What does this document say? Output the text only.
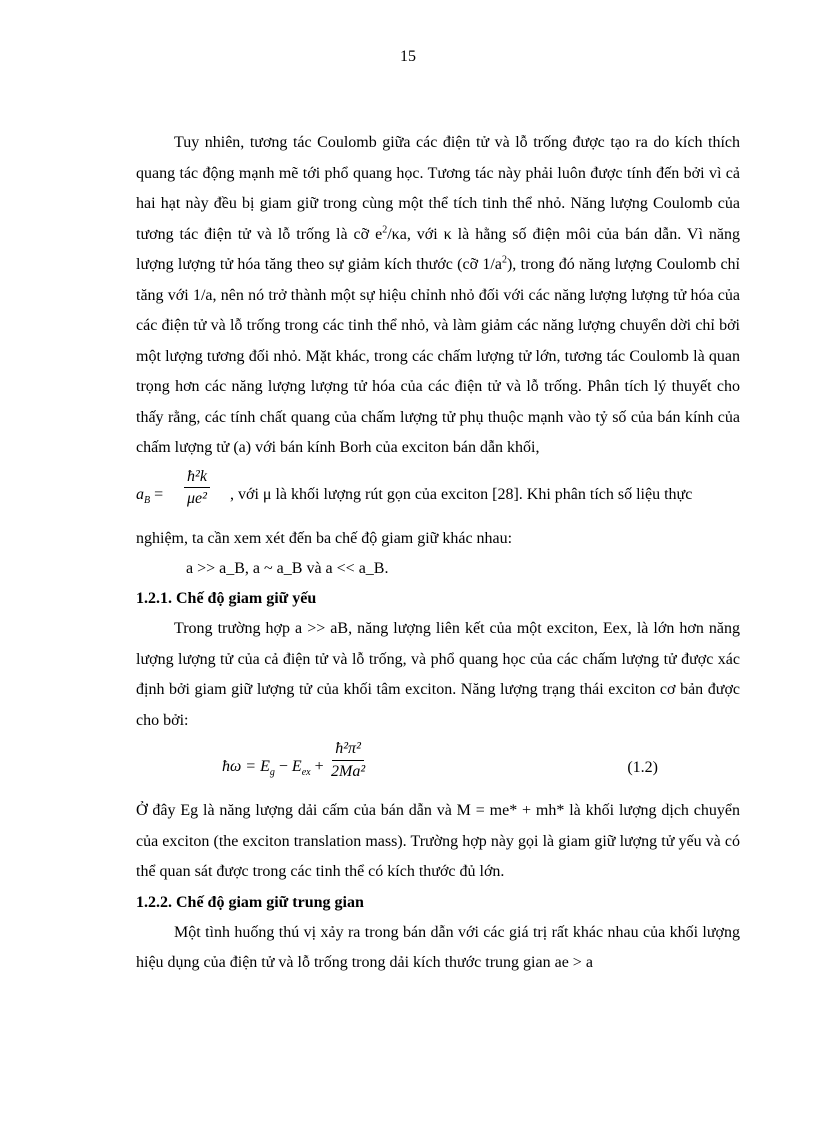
15

Tuy nhiên, tương tác Coulomb giữa các điện tử và lỗ trống được tạo ra do kích thích quang tác động mạnh mẽ tới phổ quang học. Tương tác này phải luôn được tính đến bởi vì cả hai hạt này đều bị giam giữ trong cùng một thể tích tinh thể nhỏ. Năng lượng Coulomb của tương tác điện tử và lỗ trống là cỡ $e^2/\kappa a$, với κ là hằng số điện môi của bán dẫn. Vì năng lượng lượng tử hóa tăng theo sự giảm kích thước (cỡ $1/a^2$), trong đó năng lượng Coulomb chỉ tăng với 1/a, nên nó trở thành một sự hiệu chỉnh nhỏ đối với các năng lượng lượng tử hóa của các điện tử và lỗ trống trong các tinh thể nhỏ, và làm giảm các năng lượng chuyển dời chỉ bởi một lượng tương đối nhỏ. Mặt khác, trong các chấm lượng tử lớn, tương tác Coulomb là quan trọng hơn các năng lượng lượng tử hóa của các điện tử và lỗ trống. Phân tích lý thuyết cho thấy rằng, các tính chất quang của chấm lượng tử phụ thuộc mạnh vào tỷ số của bán kính của chấm lượng tử (a) với bán kính Borh của exciton bán dẫn khối,

$a_B = \frac{\text{ħ²k}}{\text{μe²}}$ , với μ là khối lượng rút gọn của exciton [28]. Khi phân tích số liệu thực

nghiệm, ta cần xem xét đến ba chế độ giam giữ khác nhau:

a >> a_B, a ~ a_B và a << a_B.

1.2.1. Chế độ giam giữ yếu

Trong trường hợp a >> aB, năng lượng liên kết của một exciton, Eex, là lớn hơn năng lượng lượng tử của cả điện tử và lỗ trống, và phổ quang học của các chấm lượng tử được xác định bởi giam giữ lượng tử của khối tâm exciton. Năng lượng trạng thái exciton cơ bản được cho bởi:

ħω = $E_g - E_{ex} + \frac{\text{ħ²π²}}{\text{2Ma²}}$	(1.2)

Ở đây Eg là năng lượng dải cấm của bán dẫn và M = me* + mh* là khối lượng dịch chuyển của exciton (the exciton translation mass). Trường hợp này gọi là giam giữ lượng tử yếu và có thể quan sát được trong các tinh thể có kích thước đủ lớn.

1.2.2. Chế độ giam giữ trung gian

Một tình huống thú vị xảy ra trong bán dẫn với các giá trị rất khác nhau của khối lượng hiệu dụng của điện tử và lỗ trống trong dải kích thước trung gian ae > a
